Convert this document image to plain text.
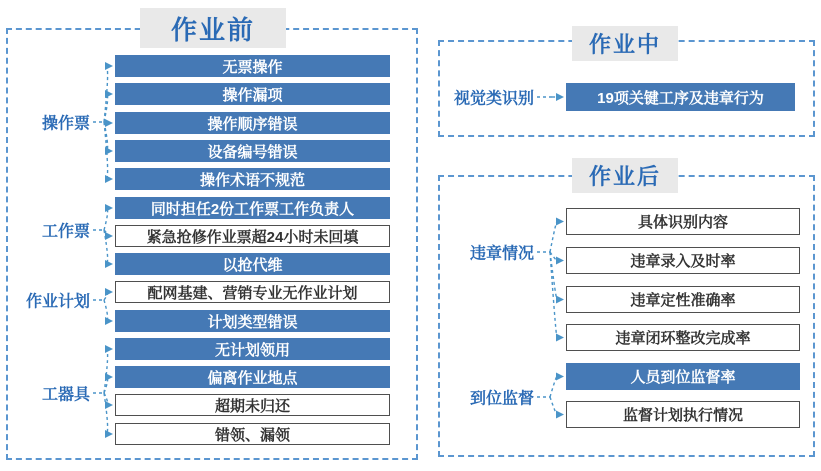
作业前	作业中
作业后
操作票
无票操作
操作漏项
操作顺序错误
设备编号错误
操作术语不规范
工作票
同时担任2份工作票工作负责人
紧急抢修作业票超24小时未回填
以抢代维
作业计划
配网基建、营销专业无作业计划
计划类型错误
工器具
无计划领用
偏离作业地点
超期未归还
错领、漏领
视觉类识别	19项关键工序及违章行为
违章情况
具体识别内容
违章录入及时率
违章定性准确率
违章闭环整改完成率
到位监督
人员到位监督率
监督计划执行情况
